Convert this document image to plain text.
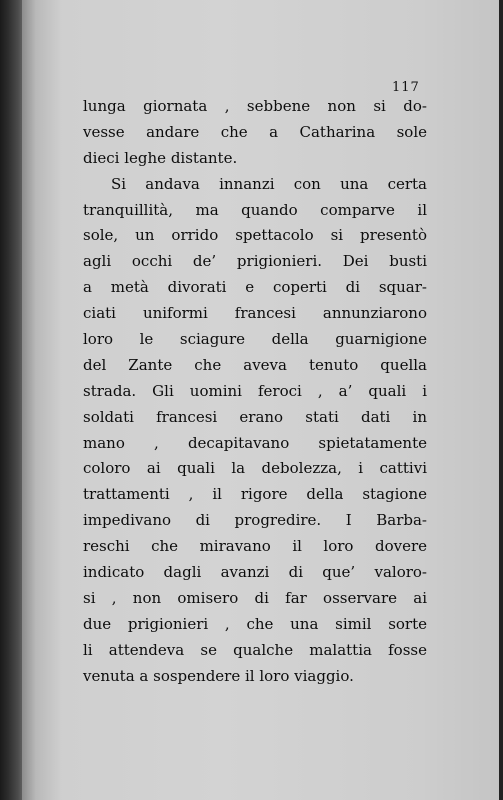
117
lunga giornata , sebbene non si do-
vesse andare che a Catharina sole
dieci leghe distante.
Si andava innanzi con una certa
tranquillità, ma quando comparve il
sole, un orrido spettacolo si presentò
agli occhi de’ prigionieri. Dei busti
a metà divorati e coperti di squar-
ciati uniformi francesi annunziarono
loro le sciagure della guarnigione
del Zante che aveva tenuto quella
strada. Gli uomini feroci , a’ quali i
soldati francesi erano stati dati in
mano , decapitavano spietatamente
coloro ai quali la debolezza, i cattivi
trattamenti , il rigore della stagione
impedivano di progredire. I Barba-
reschi che miravano il loro dovere
indicato dagli avanzi di que’ valoro-
si , non omisero di far osservare ai
due prigionieri , che una simil sorte
li attendeva se qualche malattia fosse
venuta a sospendere il loro viaggio.
